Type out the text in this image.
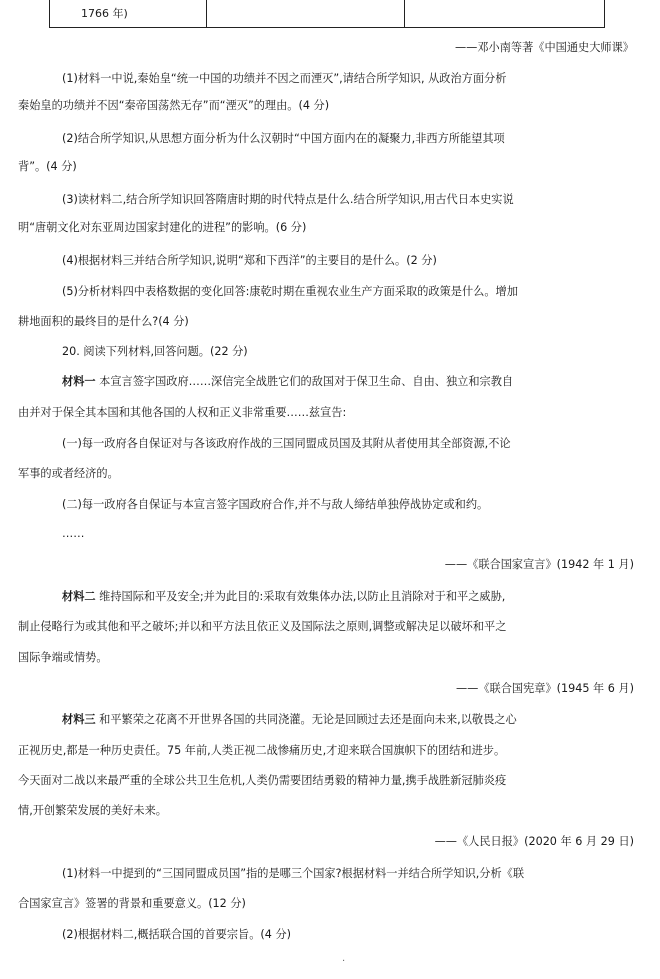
1766 年)
——邓小南等著《中国通史大师课》
(1)材料一中说,秦始皇“统一中国的功绩并不因之而湮灭”,请结合所学知识, 从政治方面分析
秦始皇的功绩并不因“秦帝国荡然无存”而“湮灭”的理由。(4 分)
(2)结合所学知识,从思想方面分析为什么汉朝时“中国方面内在的凝聚力,非西方所能望其项
背”。(4 分)
(3)读材料二,结合所学知识回答隋唐时期的时代特点是什么.结合所学知识,用古代日本史实说
明“唐朝文化对东亚周边国家封建化的进程”的影响。(6 分)
(4)根据材料三并结合所学知识,说明“郑和下西洋”的主要目的是什么。(2 分)
(5)分析材料四中表格数据的变化回答:康乾时期在重视农业生产方面采取的政策是什么。增加
耕地面积的最终目的是什么?(4 分)
20. 阅读下列材料,回答问题。(22 分)
材料一 本宣言签字国政府……深信完全战胜它们的敌国对于保卫生命、自由、独立和宗教自
由并对于保全其本国和其他各国的人权和正义非常重要……兹宣告:
(一)每一政府各自保证对与各该政府作战的三国同盟成员国及其附从者使用其全部资源,不论
军事的或者经济的。
(二)每一政府各自保证与本宣言签字国政府合作,并不与敌人缔结单独停战协定或和约。
……
——《联合国家宣言》(1942 年 1 月)
材料二 维持国际和平及安全;并为此目的:采取有效集体办法,以防止且消除对于和平之威胁,
制止侵略行为或其他和平之破坏;并以和平方法且依正义及国际法之原则,调整或解决足以破坏和平之
国际争端或情势。
——《联合国宪章》(1945 年 6 月)
材料三 和平繁荣之花离不开世界各国的共同浇灌。无论是回顾过去还是面向未来,以敬畏之心
正视历史,都是一种历史责任。75 年前,人类正视二战惨痛历史,才迎来联合国旗帜下的团结和进步。
今天面对二战以来最严重的全球公共卫生危机,人类仍需要团结勇毅的精神力量,携手战胜新冠肺炎疫
情,开创繁荣发展的美好未来。
——《人民日报》(2020 年 6 月 29 日)
(1)材料一中提到的“三国同盟成员国”指的是哪三个国家?根据材料一并结合所学知识,分析《联
合国家宣言》签署的背景和重要意义。(12 分)
(2)根据材料二,概括联合国的首要宗旨。(4 分)
·
